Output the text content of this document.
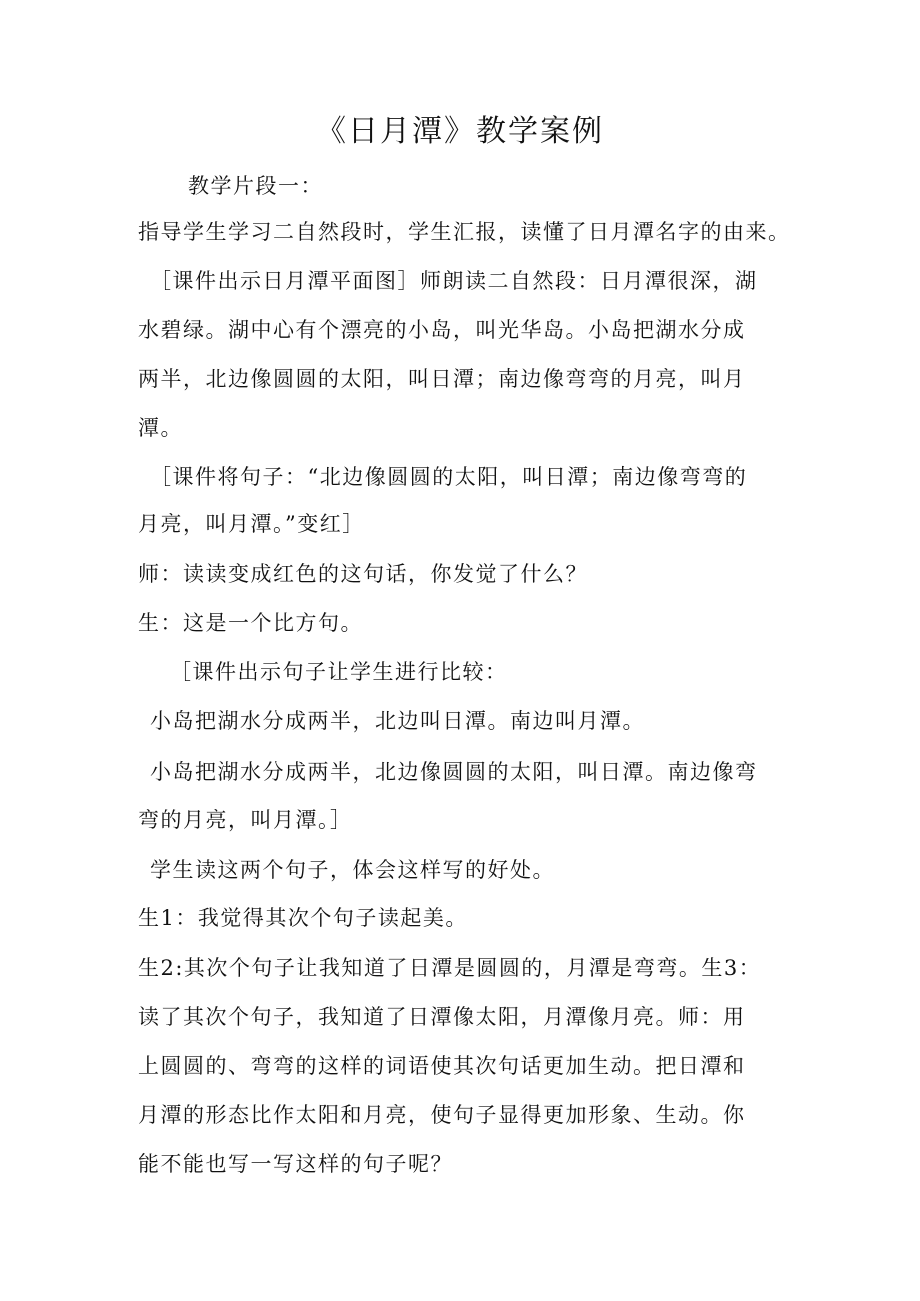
《日月潭》教学案例
教学片段一：
指导学生学习二自然段时，学生汇报，读懂了日月潭名字的由来。
［课件出示日月潭平面图］师朗读二自然段：日月潭很深，湖
水碧绿。湖中心有个漂亮的小岛，叫光华岛。小岛把湖水分成
两半，北边像圆圆的太阳，叫日潭；南边像弯弯的月亮，叫月
潭。
［课件将句子：“北边像圆圆的太阳，叫日潭；南边像弯弯的
月亮，叫月潭。”变红］
师：读读变成红色的这句话，你发觉了什么？
生：这是一个比方句。
［课件出示句子让学生进行比较：
小岛把湖水分成两半，北边叫日潭。南边叫月潭。
小岛把湖水分成两半，北边像圆圆的太阳，叫日潭。南边像弯
弯的月亮，叫月潭。］
学生读这两个句子，体会这样写的好处。
生1：我觉得其次个句子读起美。
生2:其次个句子让我知道了日潭是圆圆的，月潭是弯弯。生3：
读了其次个句子，我知道了日潭像太阳，月潭像月亮。师：用
上圆圆的、弯弯的这样的词语使其次句话更加生动。把日潭和
月潭的形态比作太阳和月亮，使句子显得更加形象、生动。你
能不能也写一写这样的句子呢？
